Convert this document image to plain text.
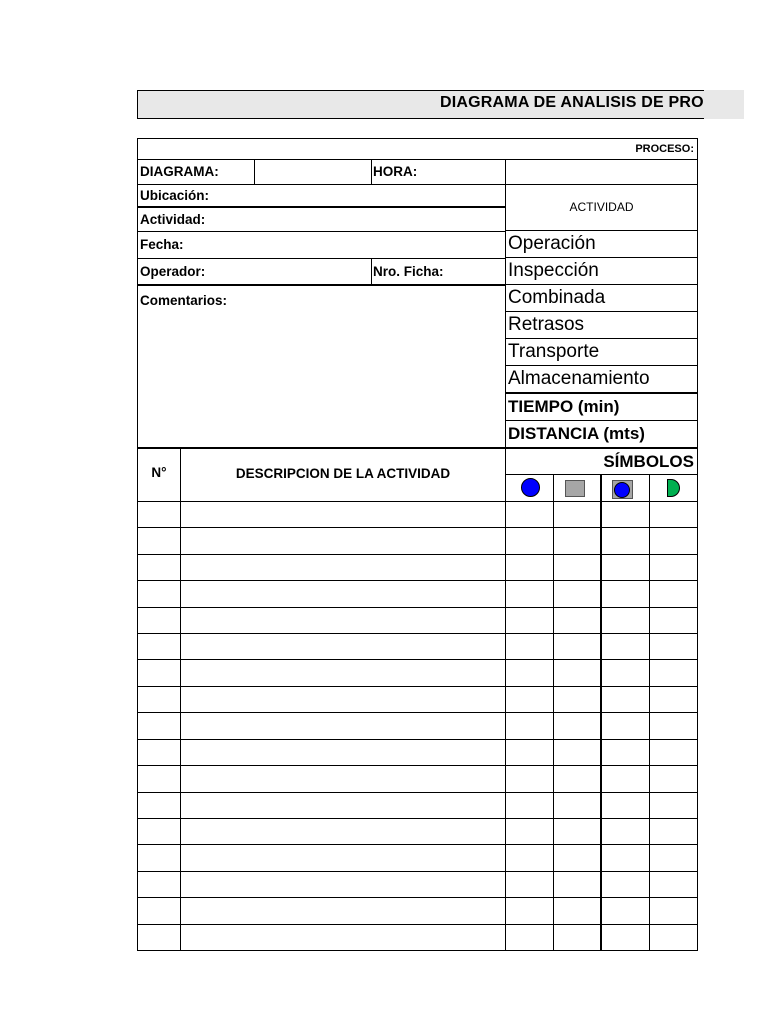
DIAGRAMA DE ANALISIS DE PRO
PROCESO:
DIAGRAMA:	HORA:
Ubicación:
Actividad:
Fecha:
Operador:	Nro. Ficha:
Comentarios:
ACTIVIDAD
Operación
Inspección
Combinada
Retrasos
Transporte
Almacenamiento
TIEMPO (min)
DISTANCIA (mts)
N°	DESCRIPCION DE LA ACTIVIDAD
SÍMBOLOS
